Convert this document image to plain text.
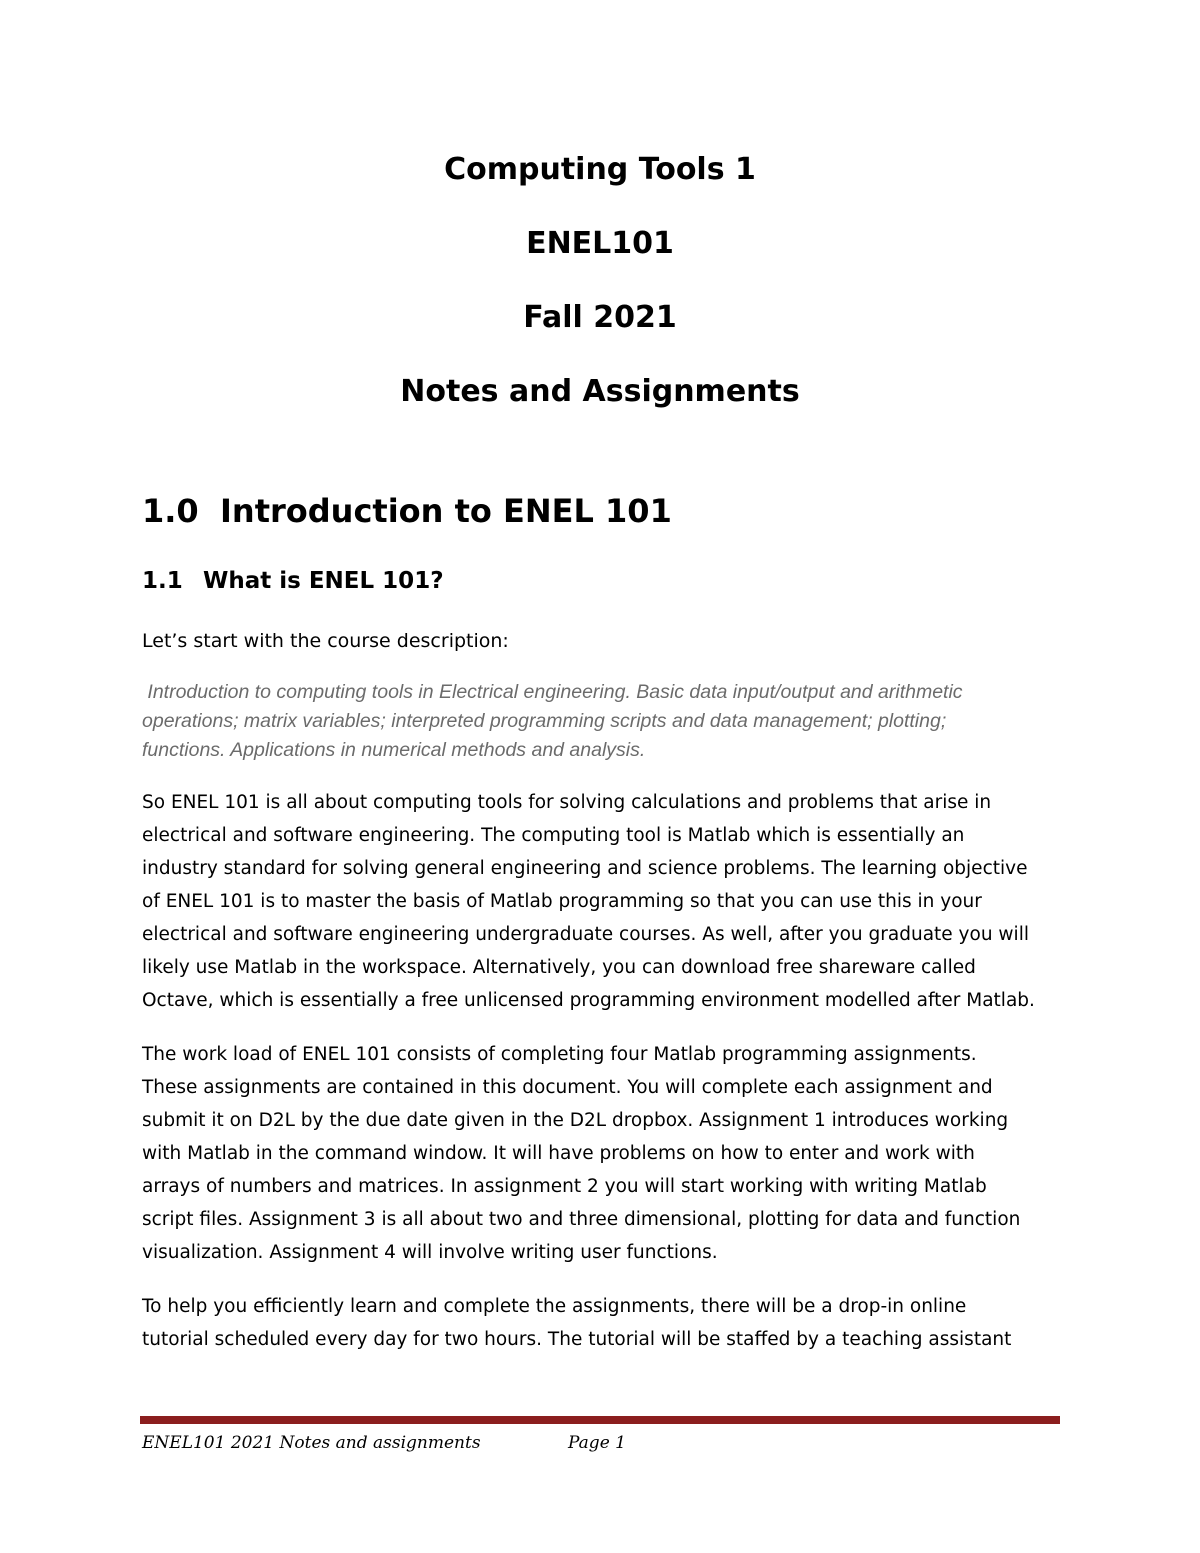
Computing Tools 1
ENEL101
Fall 2021
Notes and Assignments
1.0 Introduction to ENEL 101
1.1 What is ENEL 101?
Let’s start with the course description:
Introduction to computing tools in Electrical engineering. Basic data input/output and arithmetic
operations; matrix variables; interpreted programming scripts and data management; plotting;
functions. Applications in numerical methods and analysis.
So ENEL 101 is all about computing tools for solving calculations and problems that arise in
electrical and software engineering. The computing tool is Matlab which is essentially an
industry standard for solving general engineering and science problems. The learning objective
of ENEL 101 is to master the basis of Matlab programming so that you can use this in your
electrical and software engineering undergraduate courses. As well, after you graduate you will
likely use Matlab in the workspace. Alternatively, you can download free shareware called
Octave, which is essentially a free unlicensed programming environment modelled after Matlab.
The work load of ENEL 101 consists of completing four Matlab programming assignments.
These assignments are contained in this document. You will complete each assignment and
submit it on D2L by the due date given in the D2L dropbox. Assignment 1 introduces working
with Matlab in the command window. It will have problems on how to enter and work with
arrays of numbers and matrices. In assignment 2 you will start working with writing Matlab
script files. Assignment 3 is all about two and three dimensional, plotting for data and function
visualization. Assignment 4 will involve writing user functions.
To help you efficiently learn and complete the assignments, there will be a drop-in online
tutorial scheduled every day for two hours. The tutorial will be staffed by a teaching assistant
ENEL101 2021 Notes and assignments	Page 1
